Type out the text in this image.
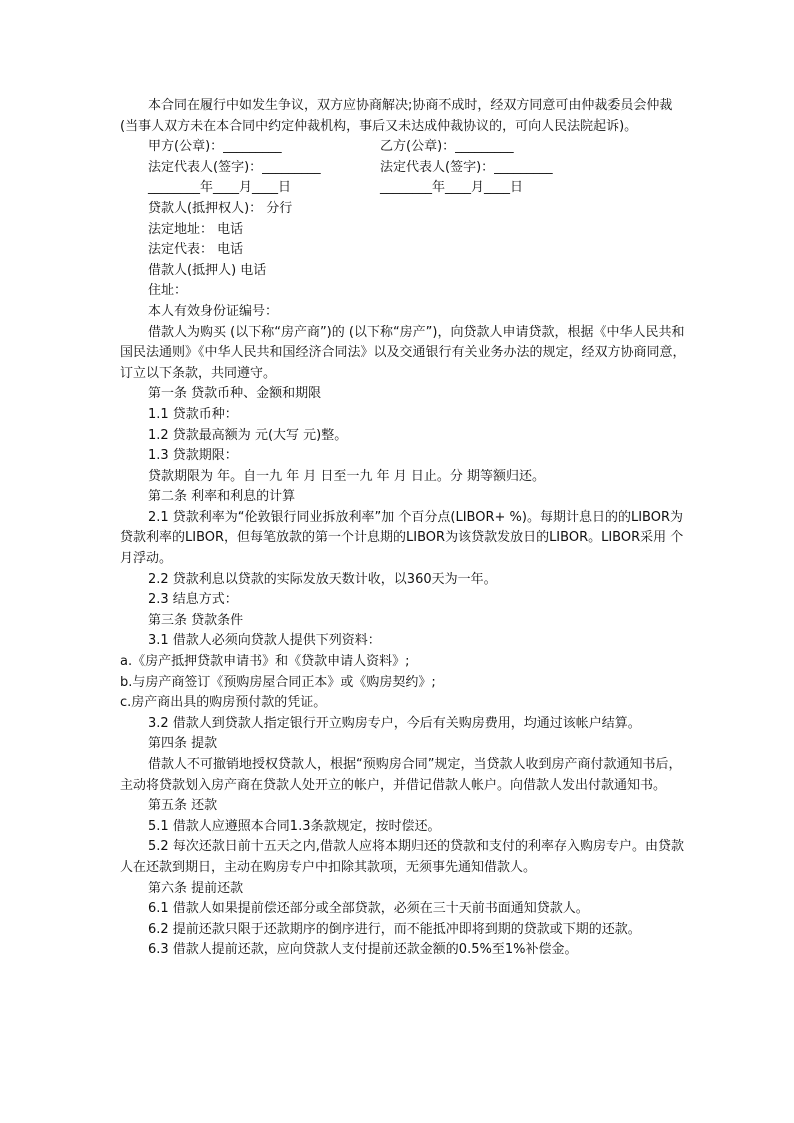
本合同在履行中如发生争议，双方应协商解决;协商不成时，经双方同意可由仲裁委员会仲裁(当事人双方未在本合同中约定仲裁机构，事后又未达成仲裁协议的，可向人民法院起诉)。

甲方(公章)：_________	乙方(公章)：_________
法定代表人(签字)：_________	法定代表人(签字)：_________
________年____月____日	________年____月____日

贷款人(抵押权人)： 分行

法定地址： 电话

法定代表： 电话

借款人(抵押人) 电话

住址：

本人有效身份证编号：

借款人为购买 (以下称“房产商”)的 (以下称“房产”)，向贷款人申请贷款，根据《中华人民共和国民法通则》《中华人民共和国经济合同法》以及交通银行有关业务办法的规定，经双方协商同意，订立以下条款，共同遵守。

第一条 贷款币种、金额和期限

1.1 贷款币种：

1.2 贷款最高额为 元(大写 元)整。

1.3 贷款期限：

贷款期限为 年。自一九 年 月 日至一九 年 月 日止。分 期等额归还。

第二条 利率和利息的计算

2.1 贷款利率为“伦敦银行同业拆放利率”加 个百分点(LIBOR+ %)。每期计息日的的LIBOR为 贷款利率的LIBOR，但每笔放款的第一个计息期的LIBOR为该贷款发放日的LIBOR。LIBOR采用 个月浮动。

2.2 贷款利息以贷款的实际发放天数计收，以360天为一年。

2.3 结息方式：

第三条 贷款条件

3.1 借款人必须向贷款人提供下列资料：

a.《房产抵押贷款申请书》和《贷款申请人资料》;

b.与房产商签订《预购房屋合同正本》或《购房契约》;

c.房产商出具的购房预付款的凭证。

3.2 借款人到贷款人指定银行开立购房专户，今后有关购房费用，均通过该帐户结算。

第四条 提款

借款人不可撤销地授权贷款人，根据“预购房合同”规定，当贷款人收到房产商付款通知书后，主动将贷款划入房产商在贷款人处开立的帐户，并借记借款人帐户。向借款人发出付款通知书。

第五条 还款

5.1 借款人应遵照本合同1.3条款规定，按时偿还。

5.2 每次还款日前十五天之内,借款人应将本期归还的贷款和支付的利率存入购房专户。由贷款人在还款到期日，主动在购房专户中扣除其款项，无须事先通知借款人。

第六条 提前还款

6.1 借款人如果提前偿还部分或全部贷款，必须在三十天前书面通知贷款人。

6.2 提前还款只限于还款期序的倒序进行，而不能抵冲即将到期的贷款或下期的还款。

6.3 借款人提前还款，应向贷款人支付提前还款金额的0.5%至1%补偿金。
